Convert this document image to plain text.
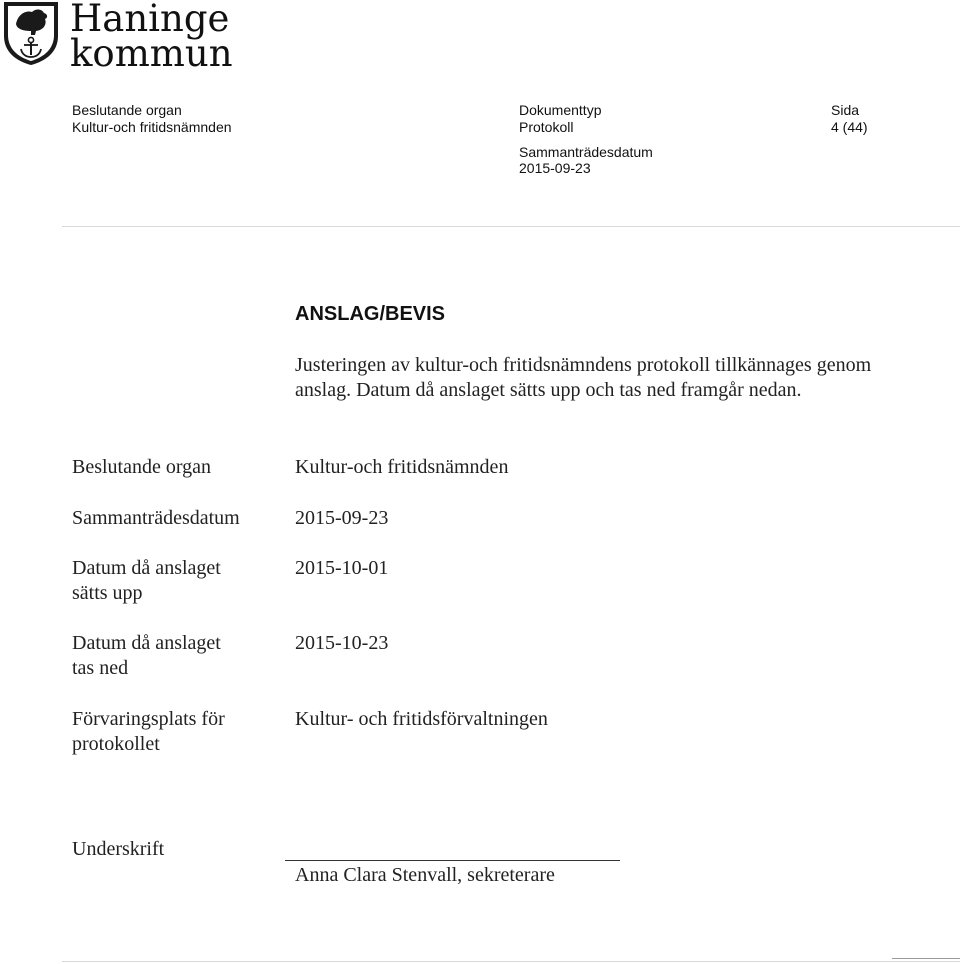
Haninge
kommun
Beslutande organ
Kultur-och fritidsnämnden
Dokumenttyp
Protokoll
Sida
4 (44)
Sammanträdesdatum
2015-09-23
ANSLAG/BEVIS
Justeringen av kultur-och fritidsnämndens protokoll tillkännages genom anslag. Datum då anslaget sätts upp och tas ned framgår nedan.
Beslutande organ	Kultur-och fritidsnämnden
Sammanträdesdatum	2015-09-23
Datum då anslaget
sätts upp
2015-10-01
Datum då anslaget
tas ned
2015-10-23
Förvaringsplats för
protokollet
Kultur- och fritidsförvaltningen
Underskrift
Anna Clara Stenvall, sekreterare
